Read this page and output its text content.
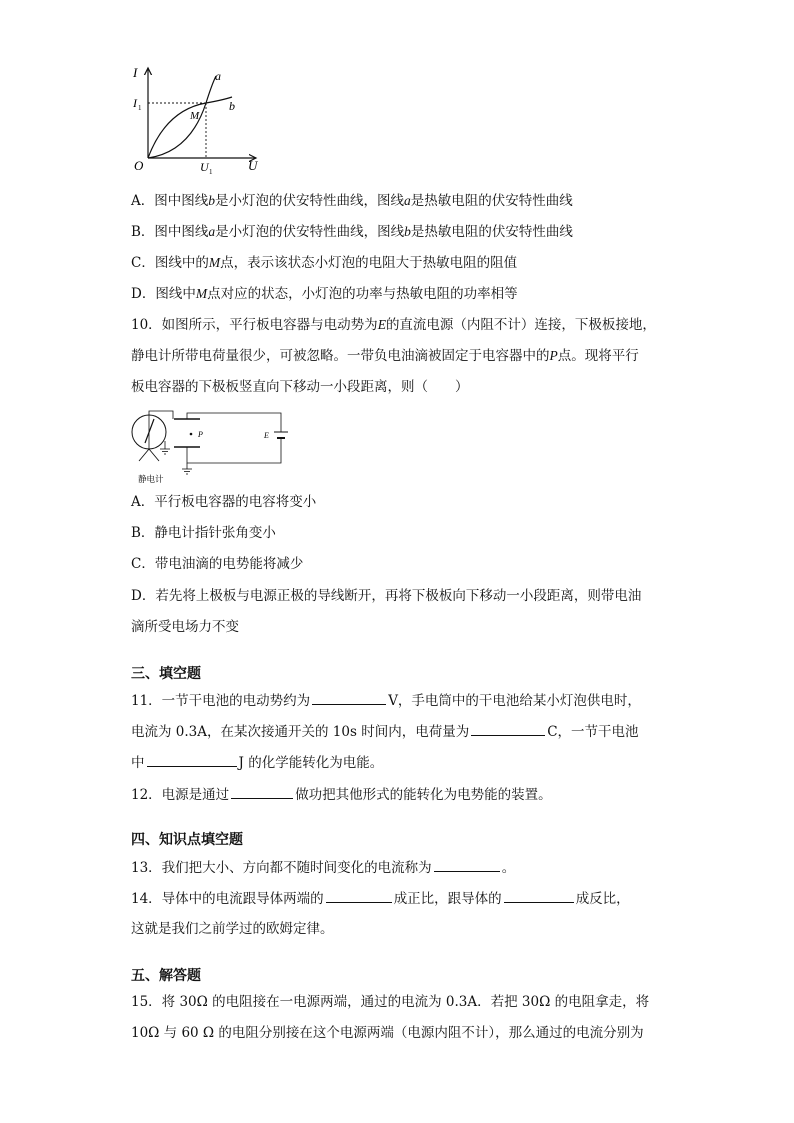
I
U
O
I 1
U 1
a
b
M
A．图中图线b是小灯泡的伏安特性曲线，图线a是热敏电阻的伏安特性曲线
B．图中图线a是小灯泡的伏安特性曲线，图线b是热敏电阻的伏安特性曲线
C．图线中的M点，表示该状态小灯泡的电阻大于热敏电阻的阻值
D．图线中M点对应的状态，小灯泡的功率与热敏电阻的功率相等
10．如图所示，平行板电容器与电动势为E的直流电源（内阻不计）连接，下极板接地，
静电计所带电荷量很少，可被忽略。一带负电油滴被固定于电容器中的P点。现将平行
板电容器的下极板竖直向下移动一小段距离，则（　　）
P	E
静电计
A．平行板电容器的电容将变小
B．静电计指针张角变小
C．带电油滴的电势能将减少
D．若先将上极板与电源正极的导线断开，再将下极板向下移动一小段距离，则带电油
滴所受电场力不变
三、填空题
11．一节干电池的电动势约为	V，手电筒中的干电池给某小灯泡供电时，
电流为 0.3A，在某次接通开关的 10s 时间内，电荷量为	C，一节干电池
中	J 的化学能转化为电能。
12．电源是通过	做功把其他形式的能转化为电势能的装置。
四、知识点填空题
13．我们把大小、方向都不随时间变化的电流称为	。
14．导体中的电流跟导体两端的	成正比，跟导体的	成反比，
这就是我们之前学过的欧姆定律。
五、解答题
15．将 30Ω 的电阻接在一电源两端，通过的电流为 0.3A．若把 30Ω 的电阻拿走，将
10Ω 与 60 Ω 的电阻分别接在这个电源两端（电源内阻不计），那么通过的电流分别为
